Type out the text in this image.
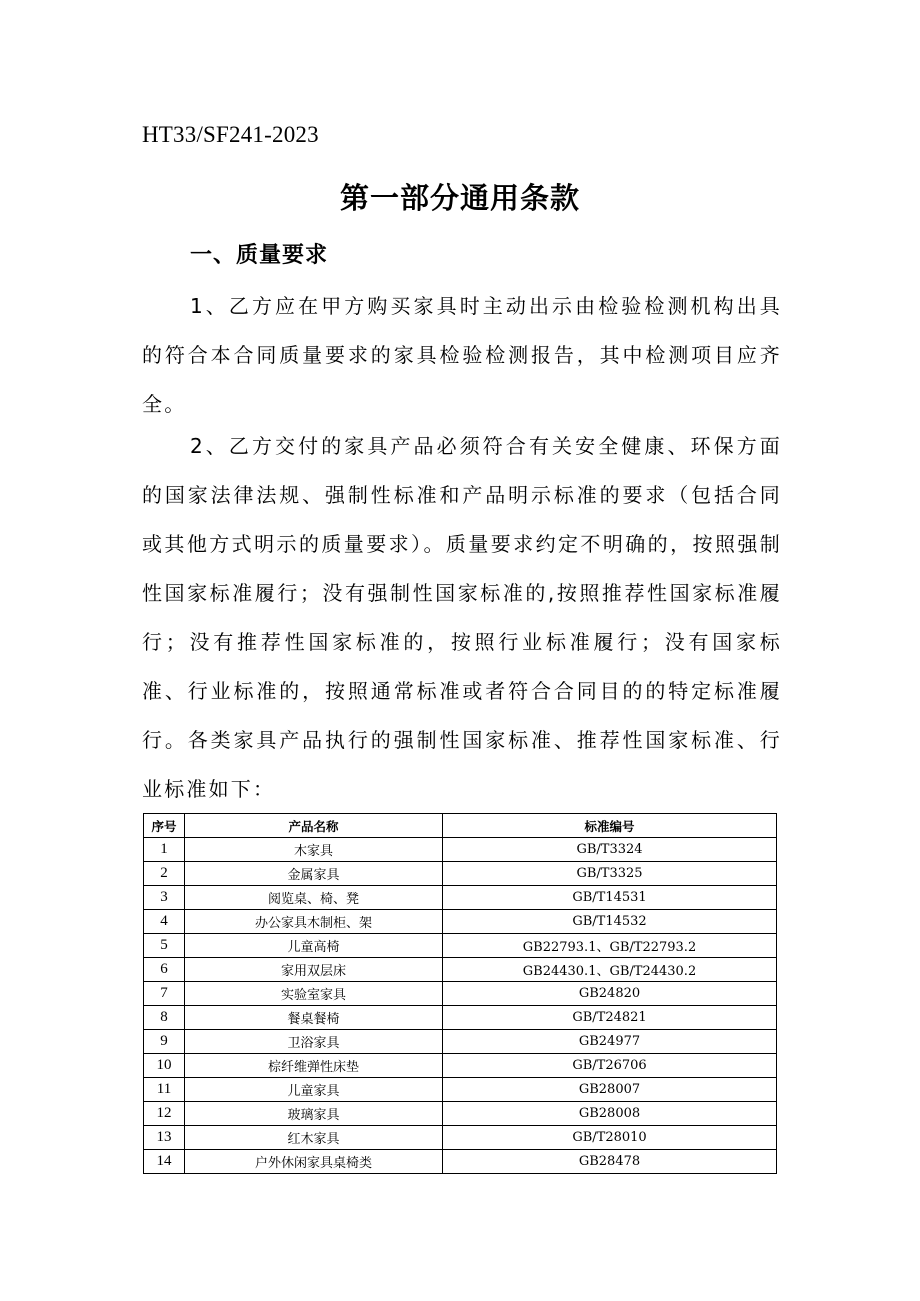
HT33/SF241-2023
第一部分通用条款
一、质量要求

1、乙方应在甲方购买家具时主动出示由检验检测机构出具的符合本合同质量要求的家具检验检测报告，其中检测项目应齐全。

2、乙方交付的家具产品必须符合有关安全健康、环保方面的国家法律法规、强制性标准和产品明示标准的要求（包括合同或其他方式明示的质量要求）。质量要求约定不明确的，按照强制性国家标准履行；没有强制性国家标准的,按照推荐性国家标准履行；没有推荐性国家标准的，按照行业标准履行；没有国家标准、行业标准的，按照通常标准或者符合合同目的的特定标准履行。各类家具产品执行的强制性国家标准、推荐性国家标准、行业标准如下：

序号	产品名称	标准编号
1	木家具	GB/T3324
2	金属家具	GB/T3325
3	阅览桌、椅、凳	GB/T14531
4	办公家具木制柜、架	GB/T14532
5	儿童高椅	GB22793.1、GB/T22793.2
6	家用双层床	GB24430.1、GB/T24430.2
7	实验室家具	GB24820
8	餐桌餐椅	GB/T24821
9	卫浴家具	GB24977
10	棕纤维弹性床垫	GB/T26706
11	儿童家具	GB28007
12	玻璃家具	GB28008
13	红木家具	GB/T28010
14	户外休闲家具桌椅类	GB28478
